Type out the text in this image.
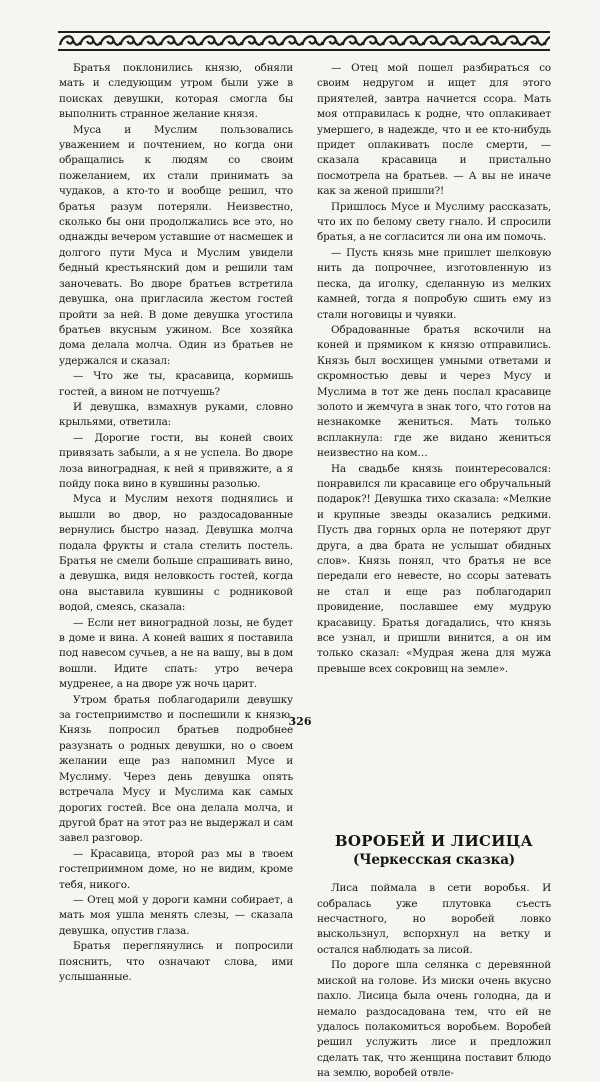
Братья поклонились князю, обняли мать и следующим утром были уже в поисках девушки, которая смогла бы выполнить странное желание князя.

Муса и Муслим пользовались уважением и почтением, но когда они обращались к людям со своим пожеланием, их стали принимать за чудаков, а кто-то и вообще решил, что братья разум потеряли. Неизвестно, сколько бы они продолжались все это, но однажды вечером уставшие от насмешек и долгого пути Муса и Муслим увидели бедный крестьянский дом и решили там заночевать. Во дворе братьев встретила девушка, она пригласила жестом гостей пройти за ней. В доме девушка угостила братьев вкусным ужином. Все хозяйка дома делала молча. Один из братьев не удержался и сказал:

— Что же ты, красавица, кормишь гостей, а вином не потчуешь?

И девушка, взмахнув руками, словно крыльями, ответила:

— Дорогие гости, вы коней своих привязать забыли, а я не успела. Во дворе лоза виноградная, к ней я привяжите, а я пойду пока вино в кувшины разолью.

Муса и Муслим нехотя поднялись и вышли во двор, но раздосадованные вернулись быстро назад. Девушка молча подала фрукты и стала стелить постель. Братья не смели больше спрашивать вино, а девушка, видя неловкость гостей, когда она выставила кувшины с родниковой водой, смеясь, сказала:

— Если нет виноградной лозы, не будет в доме и вина. А коней ваших я поставила под навесом сучьев, а не на вашу, вы в дом вошли. Идите спать: утро вечера мудренее, а на дворе уж ночь царит.

Утром братья поблагодарили девушку за гостеприимство и поспешили к князю. Князь попросил братьев подробнее разузнать о родных девушки, но о своем желании еще раз напомнил Мусе и Муслиму. Через день девушка опять встречала Мусу и Муслима как самых дорогих гостей. Все она делала молча, и другой брат на этот раз не выдержал и сам завел разговор.

— Красавица, второй раз мы в твоем гостеприимном доме, но не видим, кроме тебя, никого.

— Отец мой у дороги камни собирает, а мать моя ушла менять слезы, — сказала девушка, опустив глаза.

Братья переглянулись и попросили пояснить, что означают слова, ими услышанные.

— Отец мой пошел разбираться со своим недругом и ищет для этого приятелей, завтра начнется ссора. Мать моя отправилась к родне, что оплакивает умершего, в надежде, что и ее кто-нибудь придет оплакивать после смерти, — сказала красавица и пристально посмотрела на братьев. — А вы не иначе как за женой пришли?!

Пришлось Мусе и Муслиму рассказать, что их по белому свету гнало. И спросили братья, а не согласится ли она им помочь.

— Пусть князь мне пришлет шелковую нить да попрочнее, изготовленную из песка, да иголку, сделанную из мелких камней, тогда я попробую сшить ему из стали ноговицы и чувяки.

Обрадованные братья вскочили на коней и прямиком к князю отправились. Князь был восхищен умными ответами и скромностью девы и через Мусу и Муслима в тот же день послал красавице золото и жемчуга в знак того, что готов на незнакомке жениться. Мать только всплакнула: где же видано жениться неизвестно на ком…

На свадьбе князь поинтересовался: понравился ли красавице его обручальный подарок?! Девушка тихо сказала: «Мелкие и крупные звезды оказались редкими. Пусть два горных орла не потеряют друг друга, а два брата не услышат обидных слов». Князь понял, что братья не все передали его невесте, но ссоры затевать не стал и еще раз поблагодарил провидение, пославшее ему мудрую красавицу. Братья догадались, что князь все узнал, и пришли винится, а он им только сказал: «Мудрая жена для мужа превыше всех сокровищ на земле».

ВОРОБЕЙ И ЛИСИЦА
(Черкесская сказка)

Лиса поймала в сети воробья. И собралась уже плутовка съесть несчастного, но воробей ловко выскользнул, вспорхнул на ветку и остался наблюдать за лисой.

По дороге шла селянка с деревянной миской на голове. Из миски очень вкусно пахло. Лисица была очень голодна, да и немало раздосадована тем, что ей не удалось полакомиться воробьем. Воробей решил услужить лисе и предложил сделать так, что женщина поставит блюдо на землю, воробей отвле-

326
